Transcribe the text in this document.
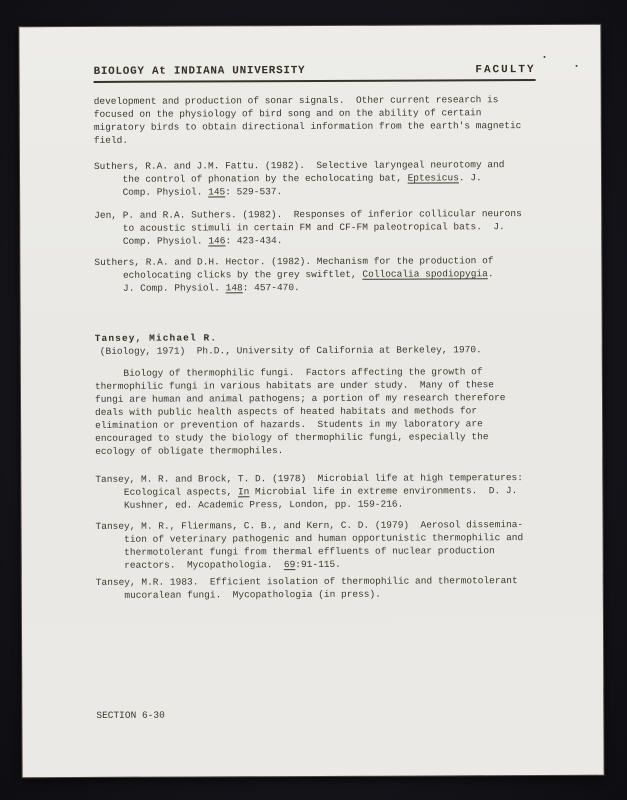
BIOLOGY At INDIANA UNIVERSITY	FACULTY
development and production of sonar signals.  Other current research is
focused on the physiology of bird song and on the ability of certain
migratory birds to obtain directional information from the earth's magnetic
field.
Suthers, R.A. and J.M. Fattu. (1982).  Selective laryngeal neurotomy and
the control of phonation by the echolocating bat, Eptesicus. J.
Comp. Physiol. 145: 529-537.
Jen, P. and R.A. Suthers. (1982).  Responses of inferior collicular neurons
to acoustic stimuli in certain FM and CF-FM paleotropical bats.  J.
Comp. Physiol. 146: 423-434.
Suthers, R.A. and D.H. Hector. (1982). Mechanism for the production of
echolocating clicks by the grey swiftlet, Collocalia spodiopygia.
J. Comp. Physiol. 148: 457-470.
Tansey, Michael R.
(Biology, 1971)  Ph.D., University of California at Berkeley, 1970.
Biology of thermophilic fungi.  Factors affecting the growth of
thermophilic fungi in various habitats are under study.  Many of these
fungi are human and animal pathogens; a portion of my research therefore
deals with public health aspects of heated habitats and methods for
elimination or prevention of hazards.  Students in my laboratory are
encouraged to study the biology of thermophilic fungi, especially the
ecology of obligate thermophiles.
Tansey, M. R. and Brock, T. D. (1978)  Microbial life at high temperatures:
Ecological aspects, In Microbial life in extreme environments.  D. J.
Kushner, ed. Academic Press, London, pp. 159-216.
Tansey, M. R., Fliermans, C. B., and Kern, C. D. (1979)  Aerosol dissemina-
tion of veterinary pathogenic and human opportunistic thermophilic and
thermotolerant fungi from thermal effluents of nuclear production
reactors.  Mycopathologia.  69:91-115.
Tansey, M.R. 1983.  Efficient isolation of thermophilic and thermotolerant
mucoralean fungi.  Mycopathologia (in press).
SECTION 6-30
